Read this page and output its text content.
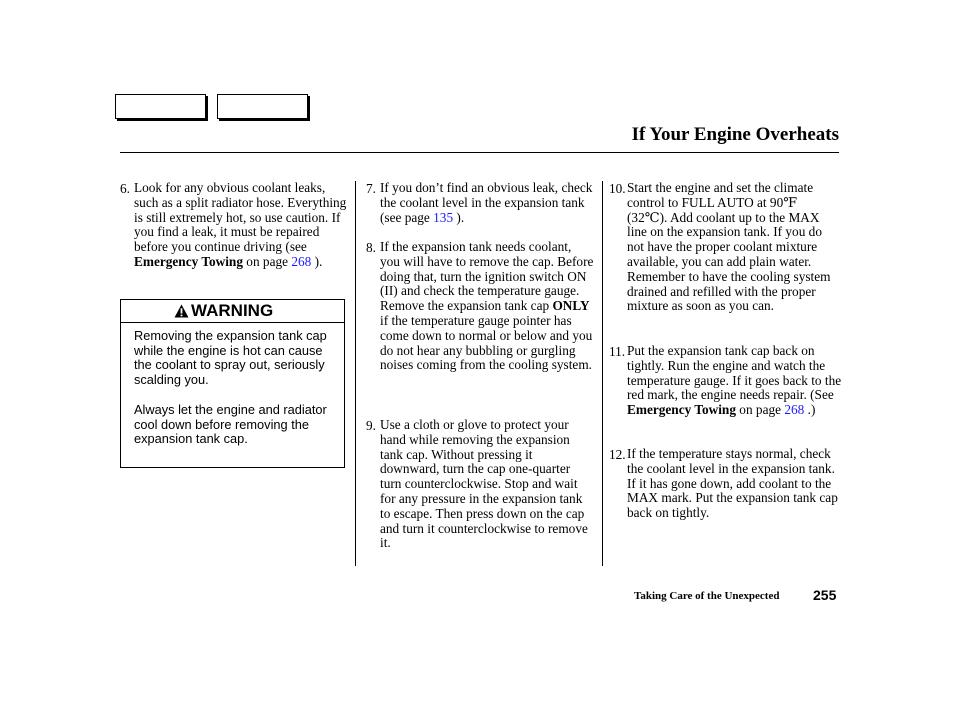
If Your Engine Overheats
6. Look for any obvious coolant leaks, such as a split radiator hose. Everything is still extremely hot, so use caution. If you find a leak, it must be repaired before you continue driving (see Emergency Towing on page 268 ).
WARNING

Removing the expansion tank cap while the engine is hot can cause the coolant to spray out, seriously scalding you.

Always let the engine and radiator cool down before removing the expansion tank cap.

7. If you don’t find an obvious leak, check the coolant level in the expansion tank (see page 135 ).
8. If the expansion tank needs coolant, you will have to remove the cap. Before doing that, turn the ignition switch ON (II) and check the temperature gauge. Remove the expansion tank cap ONLY if the temperature gauge pointer has come down to normal or below and you do not hear any bubbling or gurgling noises coming from the cooling system.
9. Use a cloth or glove to protect your hand while removing the expansion tank cap. Without pressing it downward, turn the cap one-quarter turn counterclockwise. Stop and wait for any pressure in the expansion tank to escape. Then press down on the cap and turn it counterclockwise to remove it.
10. Start the engine and set the climate control to FULL AUTO at 90℉ (32℃). Add coolant up to the MAX line on the expansion tank. If you do not have the proper coolant mixture available, you can add plain water. Remember to have the cooling system drained and refilled with the proper mixture as soon as you can.
11. Put the expansion tank cap back on tightly. Run the engine and watch the temperature gauge. If it goes back to the red mark, the engine needs repair. (See Emergency Towing on page 268 .)
12. If the temperature stays normal, check the coolant level in the expansion tank. If it has gone down, add coolant to the MAX mark. Put the expansion tank cap back on tightly.
Taking Care of the Unexpected 255
